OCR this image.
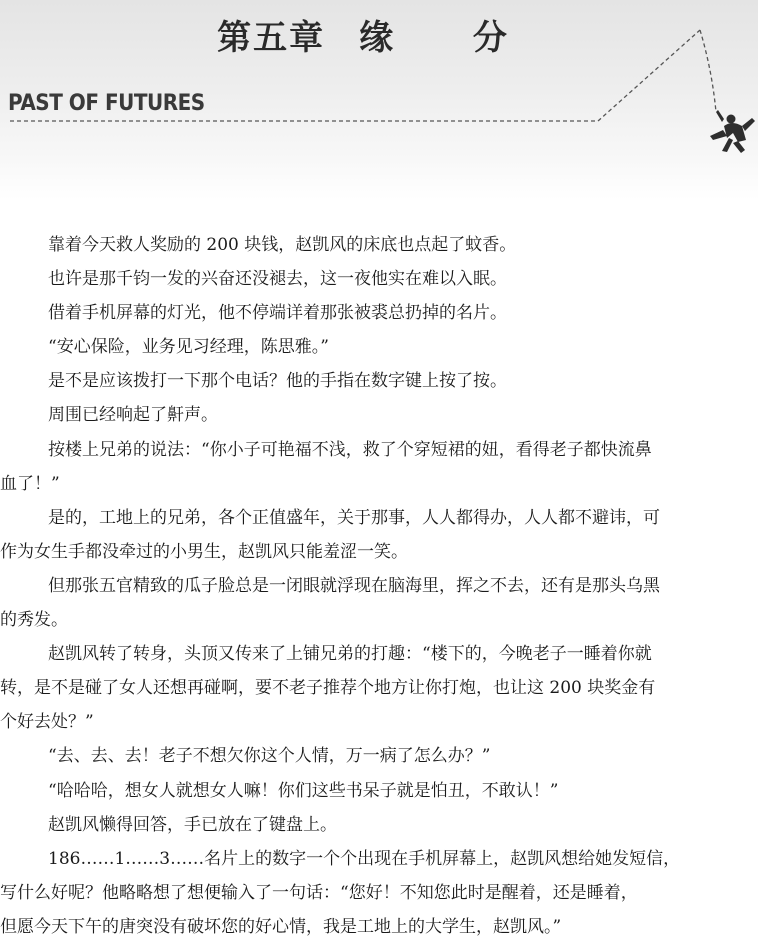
第五章 缘 分
PAST OF FUTURES
靠着今天救人奖励的 200 块钱，赵凯风的床底也点起了蚊香。
也许是那千钧一发的兴奋还没褪去，这一夜他实在难以入眠。
借着手机屏幕的灯光，他不停端详着那张被裘总扔掉的名片。
“安心保险，业务见习经理，陈思雅。”
是不是应该拨打一下那个电话？他的手指在数字键上按了按。
周围已经响起了鼾声。
按楼上兄弟的说法：“你小子可艳福不浅，救了个穿短裙的妞，看得老子都快流鼻
血了！”
是的，工地上的兄弟，各个正值盛年，关于那事，人人都得办，人人都不避讳，可
作为女生手都没牵过的小男生，赵凯风只能羞涩一笑。
但那张五官精致的瓜子脸总是一闭眼就浮现在脑海里，挥之不去，还有是那头乌黑
的秀发。
赵凯风转了转身，头顶又传来了上铺兄弟的打趣：“楼下的，今晚老子一睡着你就
转，是不是碰了女人还想再碰啊，要不老子推荐个地方让你打炮，也让这 200 块奖金有
个好去处？”
“去、去、去！老子不想欠你这个人情，万一病了怎么办？”
“哈哈哈，想女人就想女人嘛！你们这些书呆子就是怕丑，不敢认！”
赵凯风懒得回答，手已放在了键盘上。
186……1……3……名片上的数字一个个出现在手机屏幕上，赵凯风想给她发短信，
写什么好呢？他略略想了想便输入了一句话：“您好！不知您此时是醒着，还是睡着，
但愿今天下午的唐突没有破坏您的好心情，我是工地上的大学生，赵凯风。”
